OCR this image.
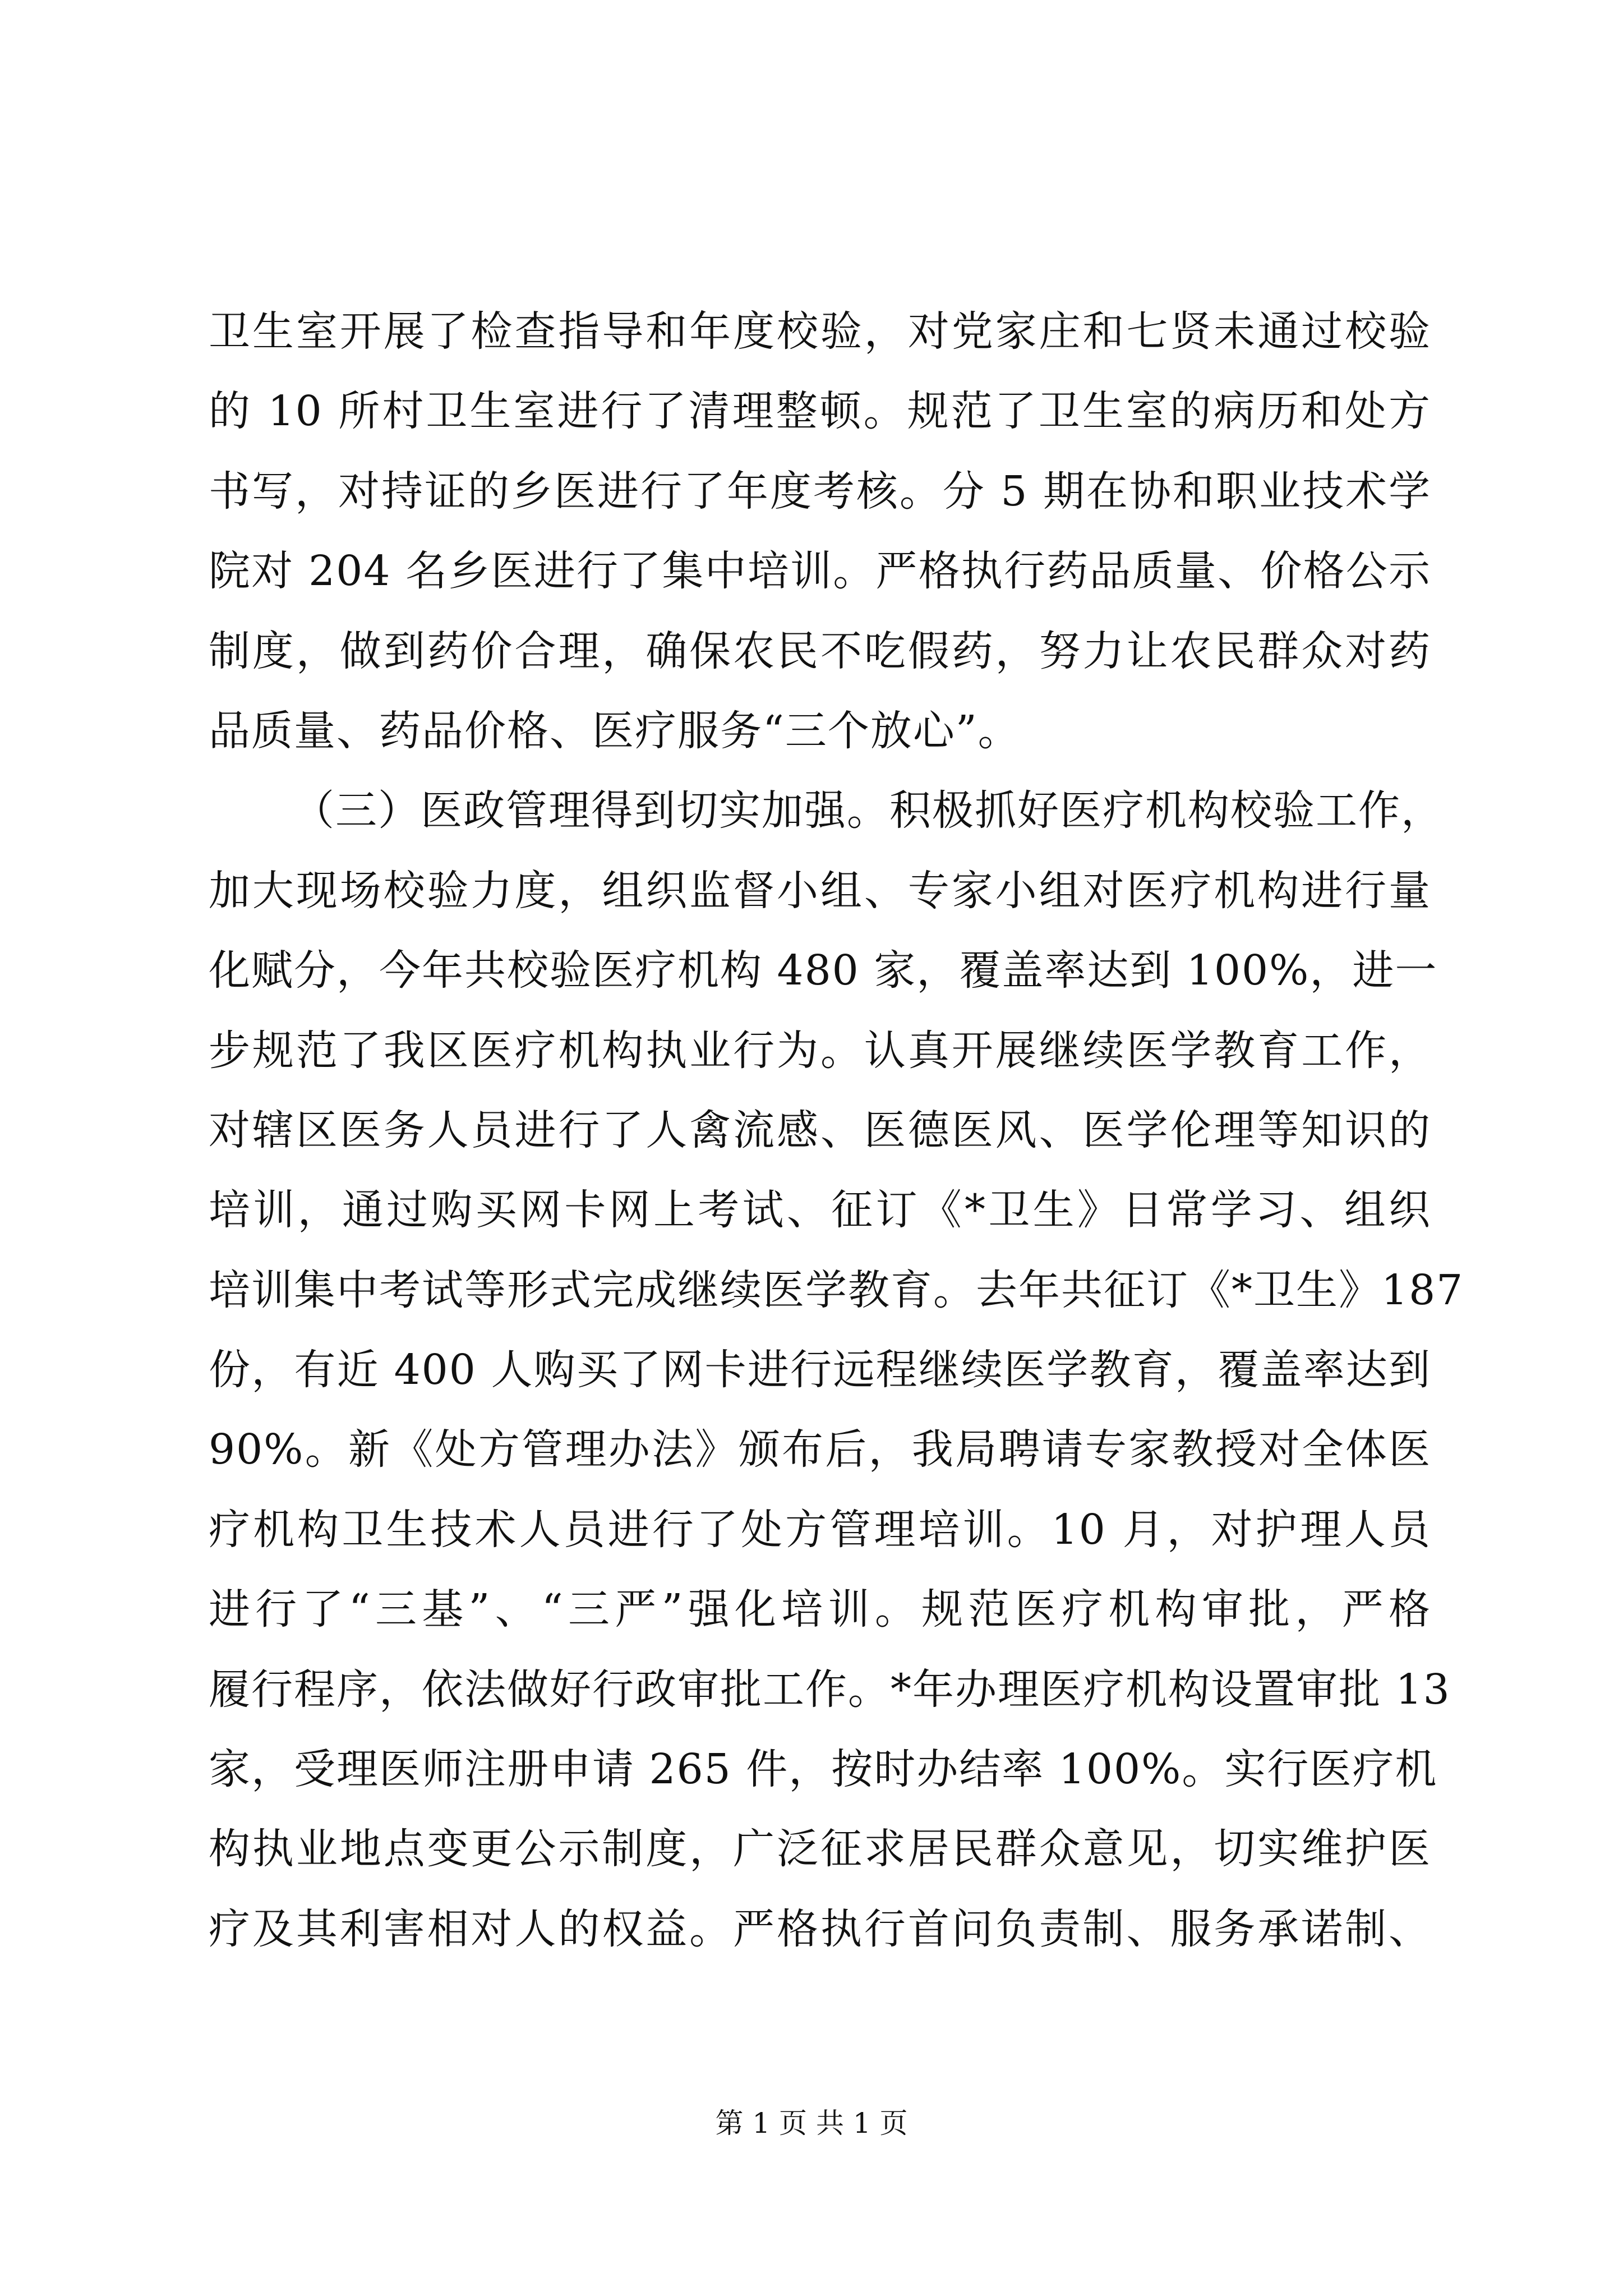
卫生室开展了检查指导和年度校验，对党家庄和七贤未通过校验
的 10 所村卫生室进行了清理整顿。规范了卫生室的病历和处方
书写，对持证的乡医进行了年度考核。分 5 期在协和职业技术学
院对 204 名乡医进行了集中培训。严格执行药品质量、价格公示
制度，做到药价合理，确保农民不吃假药，努力让农民群众对药
品质量、药品价格、医疗服务“三个放心”。
（三）医政管理得到切实加强。积极抓好医疗机构校验工作，
加大现场校验力度，组织监督小组、专家小组对医疗机构进行量
化赋分，今年共校验医疗机构 480 家，覆盖率达到 100%，进一
步规范了我区医疗机构执业行为。认真开展继续医学教育工作，
对辖区医务人员进行了人禽流感、医德医风、医学伦理等知识的
培训，通过购买网卡网上考试、征订《*卫生》日常学习、组织
培训集中考试等形式完成继续医学教育。去年共征订《*卫生》187
份，有近 400 人购买了网卡进行远程继续医学教育，覆盖率达到
90%。新《处方管理办法》颁布后，我局聘请专家教授对全体医
疗机构卫生技术人员进行了处方管理培训。10 月，对护理人员
进行了“三基”、“三严”强化培训。规范医疗机构审批，严格
履行程序，依法做好行政审批工作。*年办理医疗机构设置审批 13
家，受理医师注册申请 265 件，按时办结率 100%。实行医疗机
构执业地点变更公示制度，广泛征求居民群众意见，切实维护医
疗及其利害相对人的权益。严格执行首问负责制、服务承诺制、
第 1 页 共 1 页
